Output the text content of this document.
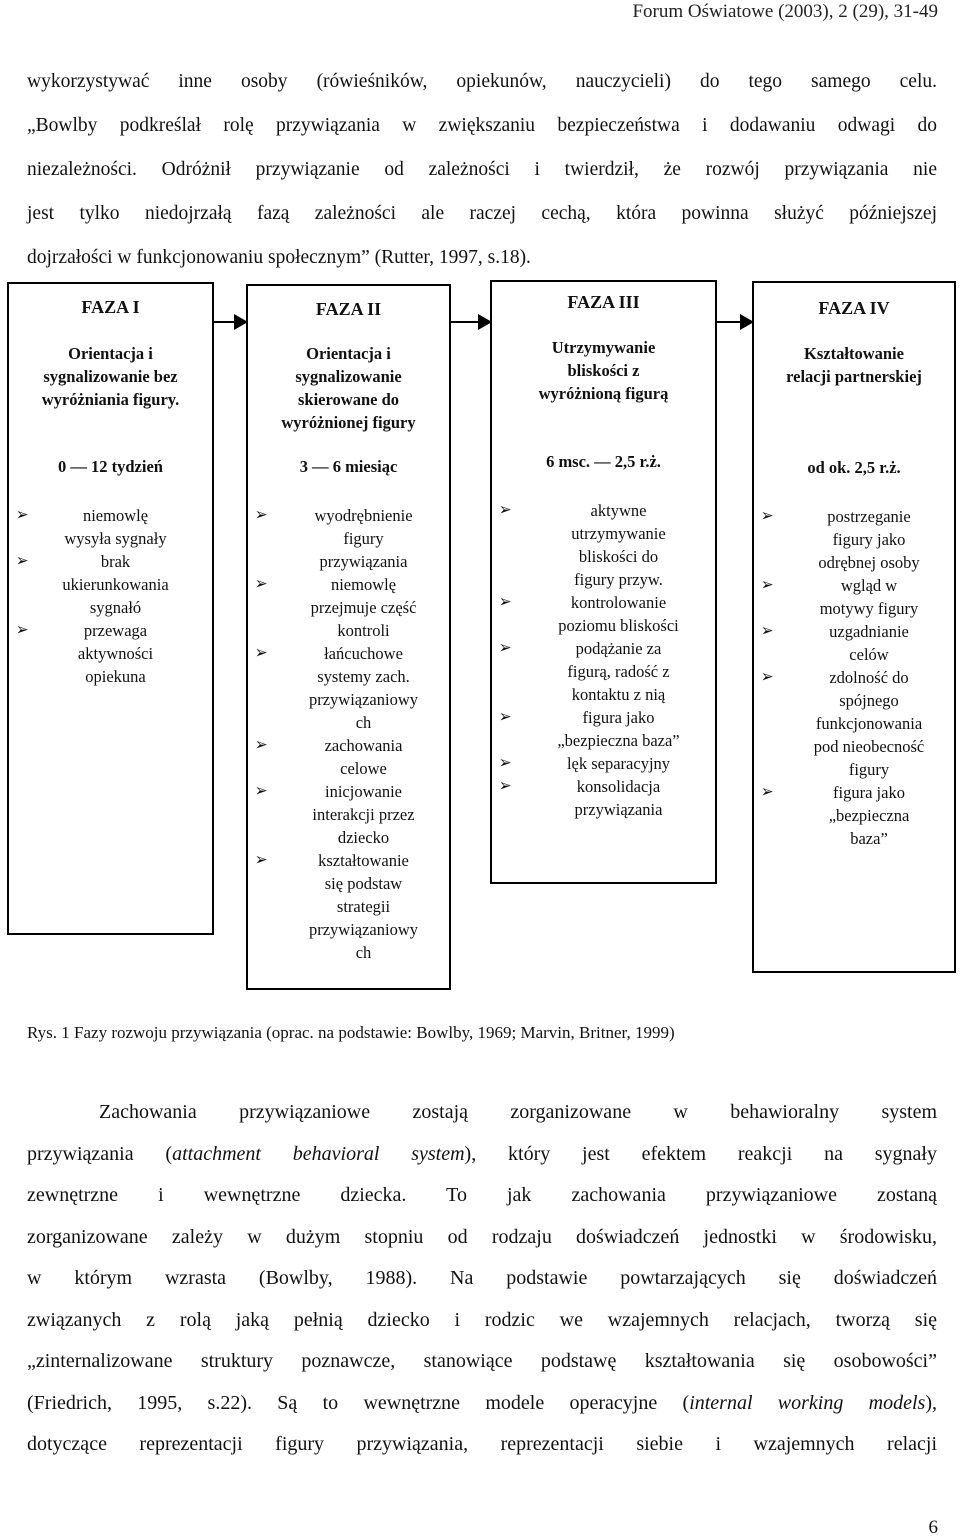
Forum Oświatowe (2003), 2 (29), 31-49
wykorzystywać inne osoby (rówieśników, opiekunów, nauczycieli) do tego samego celu.
„Bowlby podkreślał rolę przywiązania w zwiększaniu bezpieczeństwa i dodawaniu odwagi do
niezależności. Odróżnił przywiązanie od zależności i twierdził, że rozwój przywiązania nie
jest tylko niedojrzałą fazą zależności ale raczej cechą, która powinna służyć późniejszej
dojrzałości w funkcjonowaniu społecznym” (Rutter, 1997, s.18).
FAZA I
Orientacja i
sygnalizowanie bez
wyróżniania figury.
0 — 12 tydzień
➢	niemowlę
wysyła sygnały
➢	brak
ukierunkowania
sygnałó
➢	przewaga
aktywności
opiekuna
FAZA II
Orientacja i
sygnalizowanie
skierowane do
wyróżnionej figury
3 — 6 miesiąc
➢	wyodrębnienie
figury
przywiązania
➢	niemowlę
przejmuje część
kontroli
➢	łańcuchowe
systemy zach.
przywiązaniowy
ch
➢	zachowania
celowe
➢	inicjowanie
interakcji przez
dziecko
➢	kształtowanie
się podstaw
strategii
przywiązaniowy
ch
FAZA III
Utrzymywanie
bliskości z
wyróżnioną figurą
6 msc. — 2,5 r.ż.
➢	aktywne
utrzymywanie
bliskości do
figury przyw.
➢	kontrolowanie
poziomu bliskości
➢	podążanie za
figurą, radość z
kontaktu z nią
➢	figura jako
„bezpieczna baza”
➢	lęk separacyjny
➢	konsolidacja
przywiązania
FAZA IV
Kształtowanie
relacji partnerskiej
od ok. 2,5 r.ż.
➢	postrzeganie
figury jako
odrębnej osoby
➢	wgląd w
motywy figury
➢	uzgadnianie
celów
➢	zdolność do
spójnego
funkcjonowania
pod nieobecność
figury
➢	figura jako
„bezpieczna
baza”
Rys. 1 Fazy rozwoju przywiązania (oprac. na podstawie: Bowlby, 1969; Marvin, Britner, 1999)
Zachowania przywiązaniowe zostają zorganizowane w behawioralny system
przywiązania (attachment behavioral system), który jest efektem reakcji na sygnały
zewnętrzne i wewnętrzne dziecka. To jak zachowania przywiązaniowe zostaną
zorganizowane zależy w dużym stopniu od rodzaju doświadczeń jednostki w środowisku,
w którym wzrasta (Bowlby, 1988). Na podstawie powtarzających się doświadczeń
związanych z rolą jaką pełnią dziecko i rodzic we wzajemnych relacjach, tworzą się
„zinternalizowane struktury poznawcze, stanowiące podstawę kształtowania się osobowości”
(Friedrich, 1995, s.22). Są to wewnętrzne modele operacyjne (internal working models),
dotyczące reprezentacji figury przywiązania, reprezentacji siebie i wzajemnych relacji
6
